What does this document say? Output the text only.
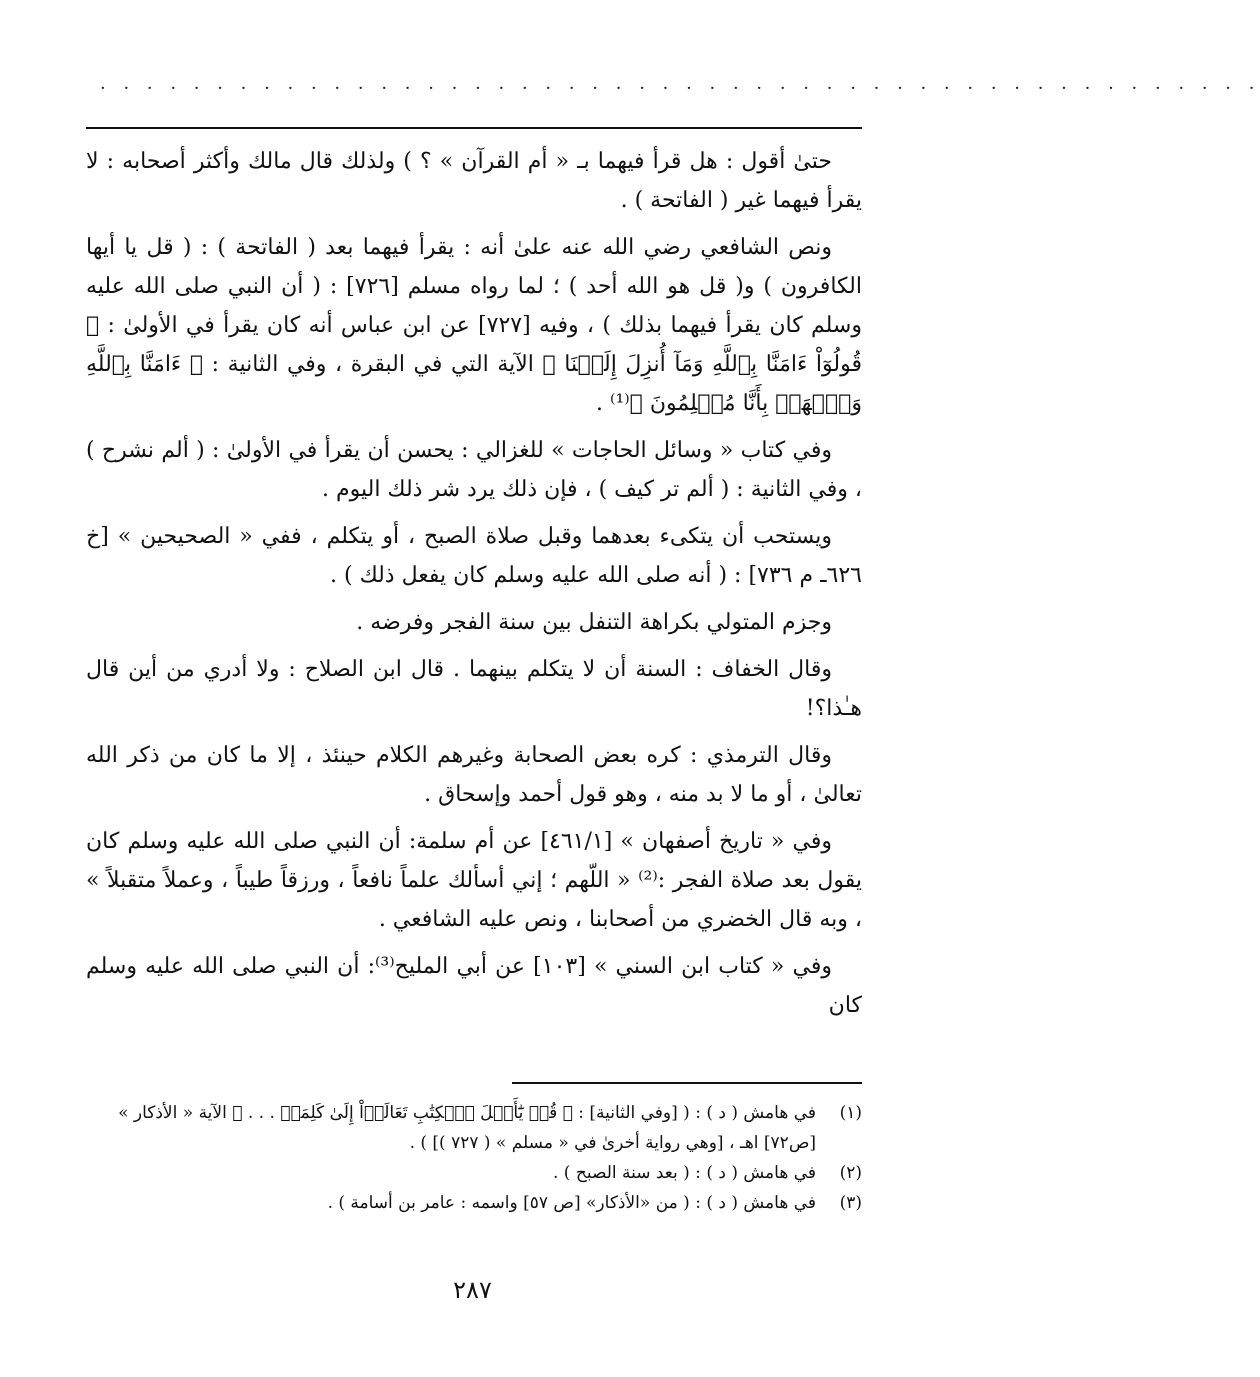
· · · · · · · · · · · · · · · · · · · · · · · · · · · · · · · · · · · · · · · · · · · · · · · · · ·

حتىٰ أقول : هل قرأ فيهما بـ « أم القرآن » ؟ ) ولذلك قال مالك وأكثر أصحابه : لا يقرأ فيهما غير ( الفاتحة ) .

ونص الشافعي رضي الله عنه علىٰ أنه : يقرأ فيهما بعد ( الفاتحة ) : ( قل يا أيها الكافرون ) و( قل هو الله أحد ) ؛ لما رواه مسلم [٧٢٦] : ( أن النبي صلى الله عليه وسلم كان يقرأ فيهما بذلك ) ، وفيه [٧٢٧] عن ابن عباس أنه كان يقرأ في الأولىٰ : ﴿ قُولُوٓاْ ءَامَنَّا بِٱللَّهِ وَمَآ أُنزِلَ إِلَيۡنَا ﴾ الآية التي في البقرة ، وفي الثانية : ﴿ ءَامَنَّا بِٱللَّهِ وَٱشۡهَدۡ بِأَنَّا مُسۡلِمُونَ ﴾⁽¹⁾ .

وفي كتاب « وسائل الحاجات » للغزالي : يحسن أن يقرأ في الأولىٰ : ( ألم نشرح ) ، وفي الثانية : ( ألم تر كيف ) ، فإن ذلك يرد شر ذلك اليوم .

ويستحب أن يتكىء بعدهما وقبل صلاة الصبح ، أو يتكلم ، ففي « الصحيحين » [خ ٦٢٦ـ م ٧٣٦] : ( أنه صلى الله عليه وسلم كان يفعل ذلك ) .

وجزم المتولي بكراهة التنفل بين سنة الفجر وفرضه .

وقال الخفاف : السنة أن لا يتكلم بينهما . قال ابن الصلاح : ولا أدري من أين قال هـٰذا؟!

وقال الترمذي : كره بعض الصحابة وغيرهم الكلام حينئذ ، إلا ما كان من ذكر الله تعالىٰ ، أو ما لا بد منه ، وهو قول أحمد وإسحاق .

وفي « تاريخ أصفهان » [٤٦١/١] عن أم سلمة: أن النبي صلى الله عليه وسلم كان يقول بعد صلاة الفجر :⁽²⁾ « اللّهم ؛ إني أسألك علماً نافعاً ، ورزقاً طيباً ، وعملاً متقبلاً » ، وبه قال الخضري من أصحابنا ، ونص عليه الشافعي .

وفي « كتاب ابن السني » [١٠٣] عن أبي المليح⁽³⁾: أن النبي صلى الله عليه وسلم كان

(١)
في هامش ( د ) : ( [وفي الثانية] : ﴿ قُلۡ يَٰٓأَهۡلَ ٱلۡكِتَٰبِ تَعَالَوۡاْ إِلَىٰ كَلِمَةٖ . . . ﴾ الآية « الأذكار » [ص٧٢] اهـ ، [وهي رواية أخرىٰ في « مسلم » ( ٧٢٧ )] ) .
(٢)
في هامش ( د ) : ( بعد سنة الصبح ) .
(٣)
في هامش ( د ) : ( من «الأذكار» [ص ٥٧] واسمه : عامر بن أسامة ) .
٢٨٧
